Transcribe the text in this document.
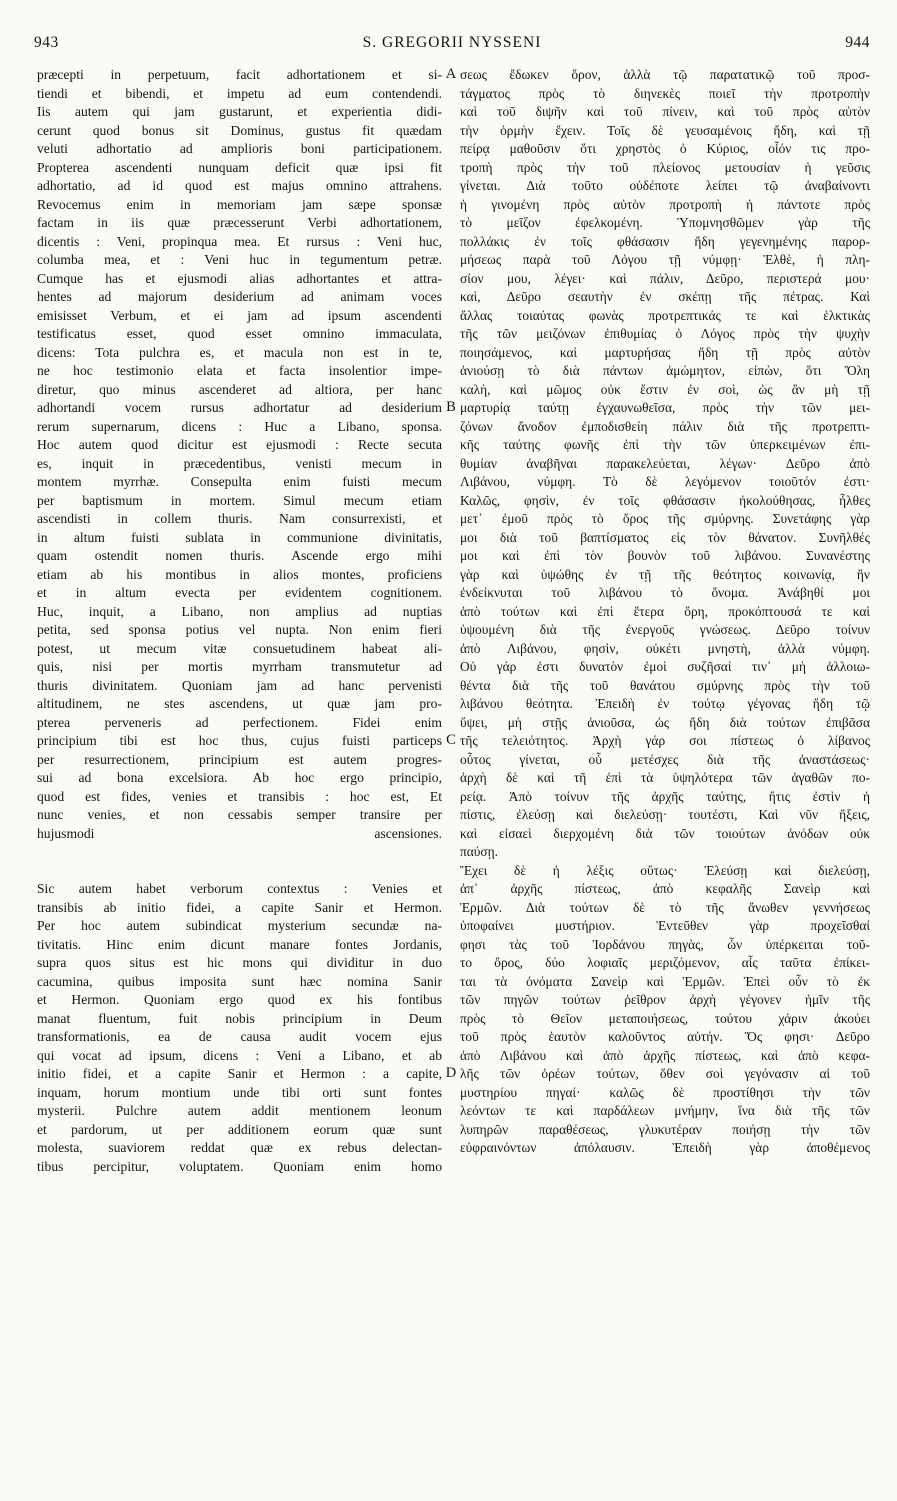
943	S. GREGORII NYSSENI	944
præcepti in perpetuum, facit adhortationem et si-
tiendi et bibendi, et impetu ad eum contendendi.
Iis autem qui jam gustarunt, et experientia didi-
cerunt quod bonus sit Dominus, gustus fit quædam
veluti adhortatio ad amplioris boni participationem.
Propterea ascendenti nunquam deficit quæ ipsi fit
adhortatio, ad id quod est majus omnino attrahens.
Revocemus enim in memoriam jam sæpe sponsæ
factam in iis quæ præcesserunt Verbi adhortationem,
dicentis : Veni, propinqua mea. Et rursus : Veni huc,
columba mea, et : Veni huc in tegumentum petræ.
Cumque has et ejusmodi alias adhortantes et attra-
hentes ad majorum desiderium ad animam voces
emisisset Verbum, et ei jam ad ipsum ascendenti
testificatus esset, quod esset omnino immaculata,
dicens: Tota pulchra es, et macula non est in te,
ne hoc testimonio elata et facta insolentior impe-
diretur, quo minus ascenderet ad altiora, per hanc
adhortandi vocem rursus adhortatur ad desiderium
rerum supernarum, dicens : Huc a Libano, sponsa.
Hoc autem quod dicitur est ejusmodi : Recte secuta
es, inquit in præcedentibus, venisti mecum in
montem myrrhæ. Consepulta enim fuisti mecum
per baptismum in mortem. Simul mecum etiam
ascendisti in collem thuris. Nam consurrexisti, et
in altum fuisti sublata in communione divinitatis,
quam ostendit nomen thuris. Ascende ergo mihi
etiam ab his montibus in alios montes, proficiens
et in altum evecta per evidentem cognitionem.
Huc, inquit, a Libano, non amplius ad nuptias
petita, sed sponsa potius vel nupta. Non enim fieri
potest, ut mecum vitæ consuetudinem habeat ali-
quis, nisi per mortis myrrham transmutetur ad
thuris divinitatem. Quoniam jam ad hanc pervenisti
altitudinem, ne stes ascendens, ut quæ jam pro-
pterea perveneris ad perfectionem. Fidei enim
principium tibi est hoc thus, cujus fuisti particeps
per resurrectionem, principium est autem progres-
sui ad bona excelsiora. Ab hoc ergo principio,
quod est fides, venies et transibis : hoc est, Et
nunc venies, et non cessabis semper transire per
hujusmodi ascensiones.
Sic autem habet verborum contextus : Venies et
transibis ab initio fidei, a capite Sanir et Hermon.
Per hoc autem subindicat mysterium secundæ na-
tivitatis. Hinc enim dicunt manare fontes Jordanis,
supra quos situs est hic mons qui dividitur in duo
cacumina, quibus imposita sunt hæc nomina Sanir
et Hermon. Quoniam ergo quod ex his fontibus
manat fluentum, fuit nobis principium in Deum
transformationis, ea de causa audit vocem ejus
qui vocat ad ipsum, dicens : Veni a Libano, et ab
initio fidei, et a capite Sanir et Hermon : a capite,
inquam, horum montium unde tibi orti sunt fontes
mysterii. Pulchre autem addit mentionem leonum
et pardorum, ut per additionem eorum quæ sunt
molesta, suaviorem reddat quæ ex rebus delectan-
tibus percipitur, voluptatem. Quoniam enim homo
A
B
C
D
σεως ἔδωκεν ὅρον, ἀλλὰ τῷ παρατατικῷ τοῦ προσ-
τάγματος πρὸς τὸ διηνεκὲς ποιεῖ τὴν προτροπὴν
καὶ τοῦ διψῆν καὶ τοῦ πίνειν, καὶ τοῦ πρὸς αὐτὸν
τὴν ὁρμὴν ἔχειν. Τοῖς δὲ γευσαμένοις ἤδη, καὶ τῇ
πείρᾳ μαθοῦσιν ὅτι χρηστὸς ὁ Κύριος, οἷόν τις προ-
τροπὴ πρὸς τὴν τοῦ πλείονος μετουσίαν ἡ γεῦσις
γίνεται. Διὰ τοῦτο οὐδέποτε λείπει τῷ ἀναβαίνοντι
ἡ γινομένη πρὸς αὐτὸν προτροπὴ ἡ πάντοτε πρὸς
τὸ μεῖζον ἐφελκομένη. Ὑπομνησθῶμεν γὰρ τῆς
πολλάκις ἐν τοῖς φθάσασιν ἤδη γεγενημένης παρορ-
μήσεως παρὰ τοῦ Λόγου τῇ νύμφῃ· Ἐλθὲ, ἡ πλη-
σίον μου, λέγει· καὶ πάλιν, Δεῦρο, περιστερά μου·
καὶ, Δεῦρο σεαυτὴν ἐν σκέπῃ τῆς πέτρας. Καὶ
ἄλλας τοιαύτας φωνὰς προτρεπτικάς τε καὶ ἑλκτικὰς
τῆς τῶν μειζόνων ἐπιθυμίας ὁ Λόγος πρὸς τὴν ψυχὴν
ποιησάμενος, καὶ μαρτυρήσας ἤδη τῇ πρὸς αὐτὸν
ἀνιούσῃ τὸ διὰ πάντων ἀμώμητον, εἰπὼν, ὅτι Ὅλη
καλὴ, καὶ μῶμος οὐκ ἔστιν ἐν σοὶ, ὡς ἂν μὴ τῇ
μαρτυρίᾳ ταύτῃ ἐγχαυνωθεῖσα, πρὸς τὴν τῶν μει-
ζόνων ἄνοδον ἐμποδισθείη πάλιν διὰ τῆς προτρεπτι-
κῆς ταύτης φωνῆς ἐπὶ τὴν τῶν ὑπερκειμένων ἐπι-
θυμίαν ἀναβῆναι παρακελεύεται, λέγων· Δεῦρο ἀπὸ
Λιβάνου, νύμφη. Τὸ δὲ λεγόμενον τοιοῦτόν ἐστι·
Καλῶς, φησὶν, ἐν τοῖς φθάσασιν ἠκολούθησας, ἦλθες
μετ᾽ ἐμοῦ πρὸς τὸ ὄρος τῆς σμύρνης. Συνετάφης γὰρ
μοι διὰ τοῦ βαπτίσματος εἰς τὸν θάνατον. Συνῆλθές
μοι καὶ ἐπὶ τὸν βουνὸν τοῦ λιβάνου. Συνανέστης
γὰρ καὶ ὑψώθης ἐν τῇ τῆς θεότητος κοινωνίᾳ, ἣν
ἐνδείκνυται τοῦ λιβάνου τὸ ὄνομα. Ἀνάβηθί μοι
ἀπὸ τούτων καὶ ἐπὶ ἕτερα ὄρη, προκόπτουσά τε καὶ
ὑψουμένη διὰ τῆς ἐνεργοῦς γνώσεως. Δεῦρο τοίνυν
ἀπὸ Λιβάνου, φησὶν, οὐκέτι μνηστὴ, ἀλλὰ νύμφη.
Οὐ γάρ ἐστι δυνατὸν ἐμοὶ συζῆσαί τιν᾽ μὴ ἀλλοιω-
θέντα διὰ τῆς τοῦ θανάτου σμύρνης πρὸς τὴν τοῦ
λιβάνου θεότητα. Ἐπειδὴ ἐν τούτῳ γέγονας ἤδη τῷ
ὕψει, μὴ στῇς ἀνιοῦσα, ὡς ἤδη διὰ τούτων ἐπιβᾶσα
τῆς τελειότητος. Ἀρχὴ γάρ σοι πίστεως ὁ λίβανος
οὗτος γίνεται, οὗ μετέσχες διὰ τῆς ἀναστάσεως·
ἀρχὴ δὲ καὶ τῆ ἐπὶ τὰ ὑψηλότερα τῶν ἀγαθῶν πο-
ρείᾳ. Ἀπὸ τοίνυν τῆς ἀρχῆς ταύτης, ἥτις ἐστὶν ἡ
πίστις, ἐλεύσῃ καὶ διελεύσῃ· τουτέστι, Καὶ νῦν ἥξεις,
καὶ εἰσαεὶ διερχομένη διὰ τῶν τοιούτων ἀνόδων οὐκ
παύσῃ.
Ἔχει δὲ ἡ λέξις οὕτως· Ἐλεύσῃ καὶ διελεύσῃ,
ἀπ᾽ ἀρχῆς πίστεως, ἀπὸ κεφαλῆς Σανεὶρ καὶ
Ἑρμῶν. Διὰ τούτων δὲ τὸ τῆς ἄνωθεν γεννήσεως
ὑποφαίνει μυστήριον. Ἐντεῦθεν γὰρ προχεῖσθαί
φησι τὰς τοῦ Ἰορδάνου πηγὰς, ὧν ὑπέρκειται τοῦ-
το ὄρος, δύο λοφιαῖς μεριζόμενον, αἷς ταῦτα ἐπίκει-
ται τὰ ὀνόματα Σανεὶρ καὶ Ἑρμῶν. Ἐπεὶ οὖν τὸ ἐκ
τῶν πηγῶν τούτων ῥεῖθρον ἀρχὴ γέγονεν ἡμῖν τῆς
πρὸς τὸ Θεῖον μεταποιήσεως, τούτου χάριν ἀκούει
τοῦ πρὸς ἑαυτὸν καλοῦντος αὐτήν. Ὅς φησι· Δεῦρο
ἀπὸ Λιβάνου καὶ ἀπὸ ἀρχῆς πίστεως, καὶ ἀπὸ κεφα-
λῆς τῶν ὀρέων τούτων, ὅθεν σοὶ γεγόνασιν αἱ τοῦ
μυστηρίου πηγαί· καλῶς δὲ προστίθησι τὴν τῶν
λεόντων τε καὶ παρδάλεων μνήμην, ἵνα διὰ τῆς τῶν
λυπηρῶν παραθέσεως, γλυκυτέραν ποιήσῃ τὴν τῶν
εὐφραινόντων ἀπόλαυσιν. Ἐπειδὴ γὰρ ἀποθέμενος
